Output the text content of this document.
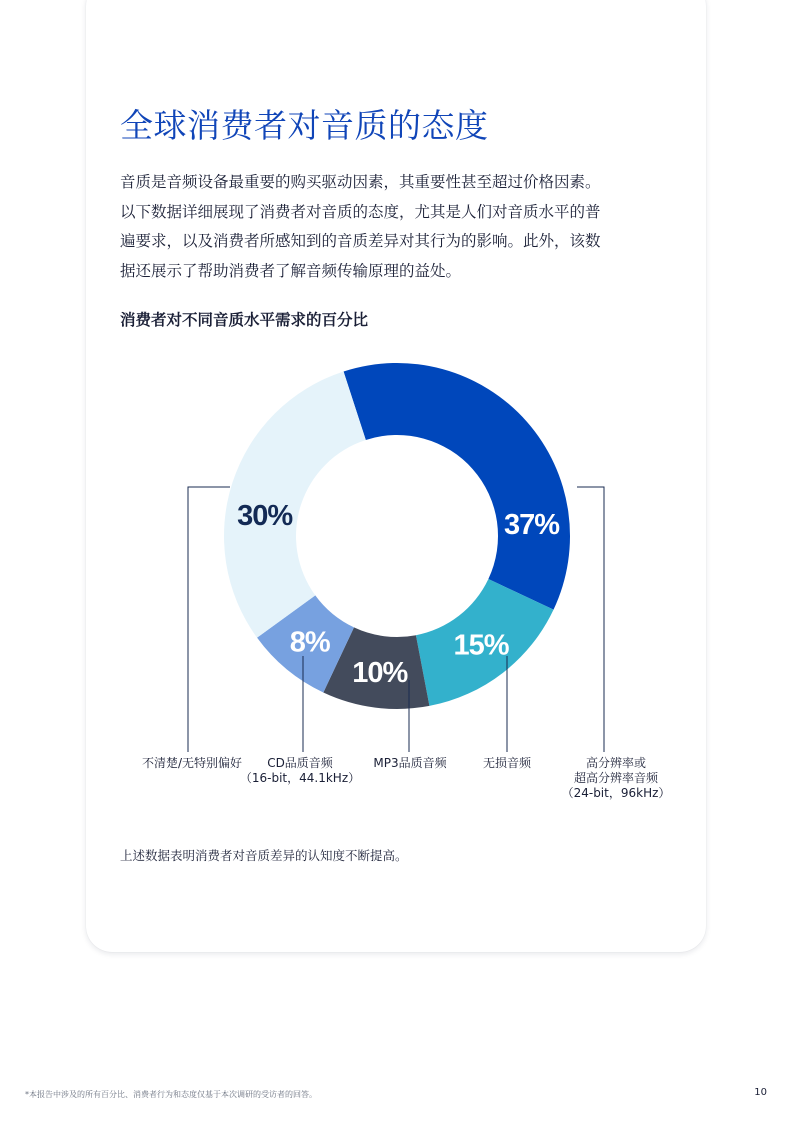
全球消费者对音质的态度

音质是音频设备最重要的购买驱动因素，其重要性甚至超过价格因素。

以下数据详细展现了消费者对音质的态度，尤其是人们对音质水平的普

遍要求，以及消费者所感知到的音质差异对其行为的影响。此外，该数

据还展示了帮助消费者了解音频传输原理的益处。

消费者对不同音质水平需求的百分比
37%
15%
10%
8%
30%
高分辨率或
超高分辨率音频
（24-bit，96kHz）
无损音频
MP3品质音频
CD品质音频
（16-bit，44.1kHz）
不清楚/无特别偏好

上述数据表明消费者对音质差异的认知度不断提高。

*本报告中涉及的所有百分比、消费者行为和态度仅基于本次调研的受访者的回答。	10
